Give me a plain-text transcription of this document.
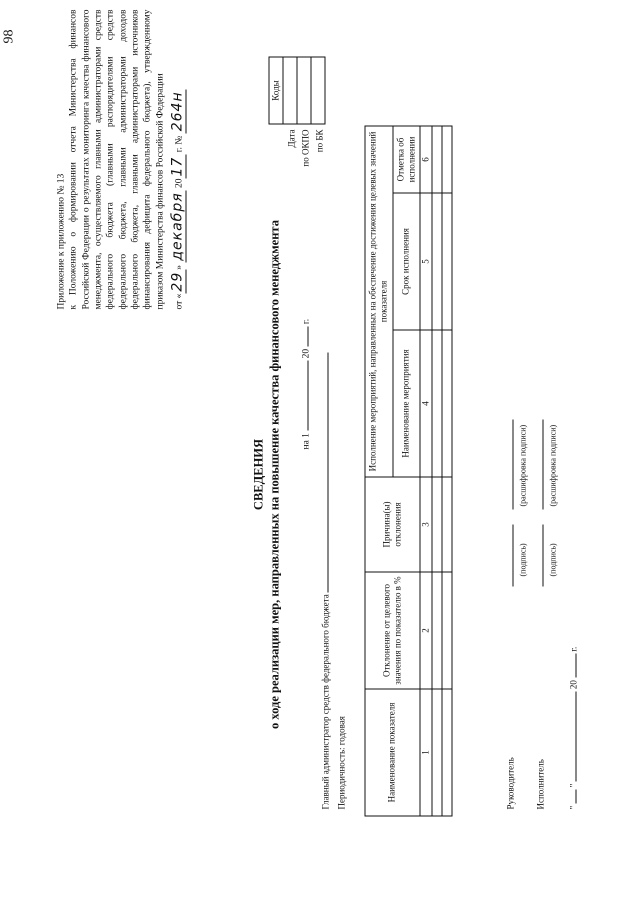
98
Приложение к приложению № 13 к Положению о формировании отчета Министерства финансов Российской Федерации о результатах мониторинга качества финансового менеджмента, осуществляемого главными администраторами средств федерального бюджета (главными распорядителями средств федерального бюджета, главными администраторами доходов федерального бюджета, главными администраторами источников финансирования дефицита федерального бюджета), утвержденному приказом Министерства финансов Российской Федерации от «29» декабря 2017 г. № 264н
Дата по ОКПО по БК
Коды

СВЕДЕНИЯ о ходе реализации мер, направленных на повышение качества финансового менеджмента	на 1  20  г.
Главный администратор средств федерального бюджета Периодичность: годовая	Наименование показателя	Отклонение от целевого значения по показателю в %	Причина(ы) отклонения	Исполнение мероприятий, направленных на обеспечение достижения целевых значений показателя		
			Наименование мероприятия	Срок исполнения	Отметка об исполнении
1	2	3	4	5	6

Руководитель
(подпись)
(расшифровка подписи)
Исполнитель
(подпись)
(расшифровка подписи)
"  "  20  г.
